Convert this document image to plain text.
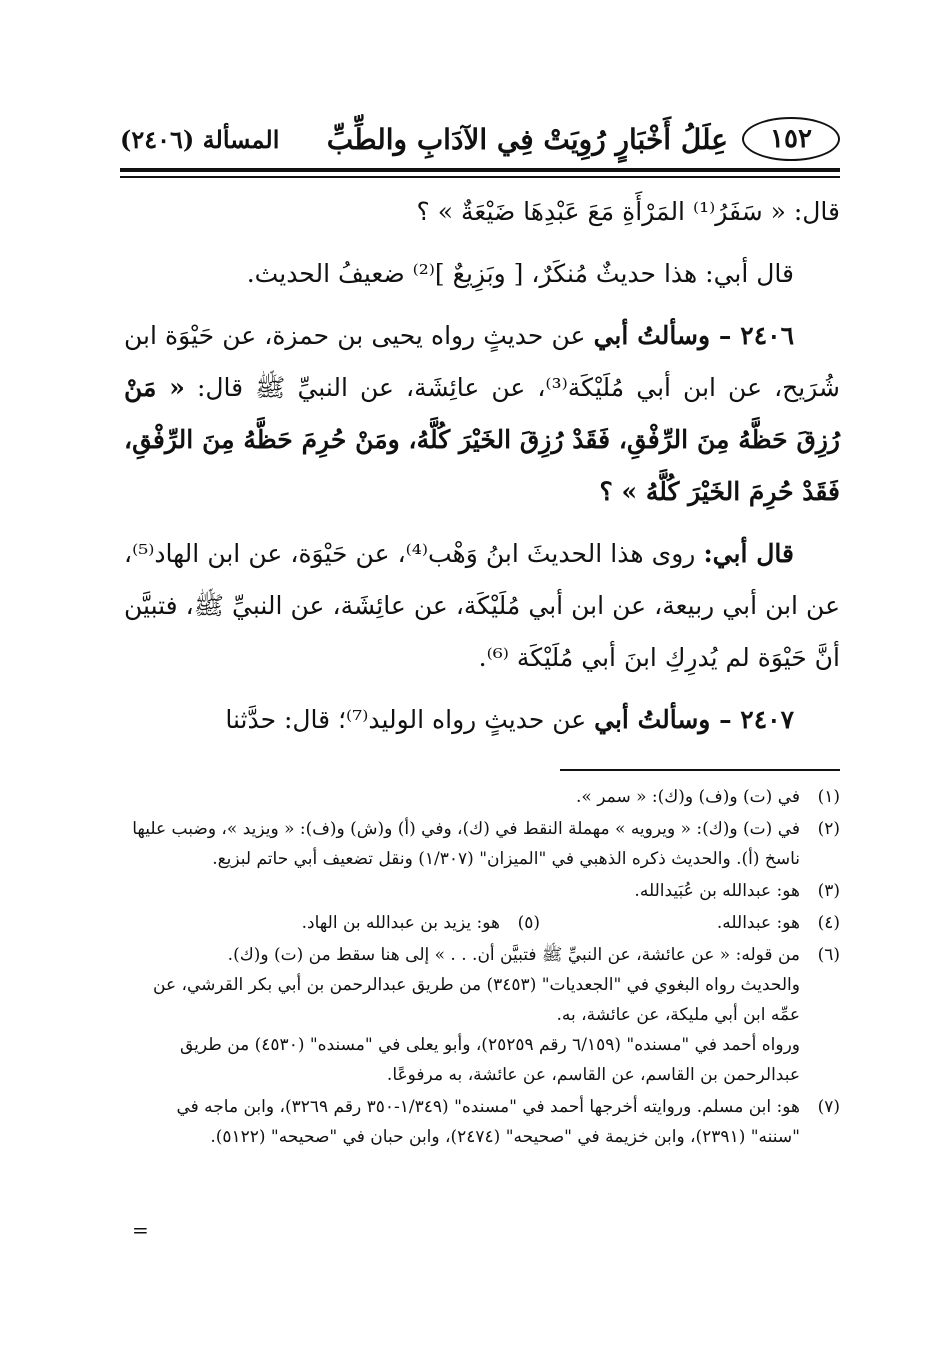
١٥٢
عِلَلُ أَخْبَارٍ رُوِيَتْ فِي الآدَابِ والطِّبِّ
المسألة (٢٤٠٦)

قال: « سَفَرُ⁽¹⁾ المَرْأَةِ مَعَ عَبْدِهَا ضَيْعَةٌ » ؟

قال أبي: هذا حديثٌ مُنكَرٌ، [ وبَزِيعٌ ]⁽²⁾ ضعيفُ الحديث.

٢٤٠٦ – وسألتُ أبي عن حديثٍ رواه يحيى بن حمزة، عن حَيْوَة ابن شُرَيح، عن ابن أبي مُلَيْكَة⁽³⁾، عن عائِشَة، عن النبيِّ ﷺ قال: « مَنْ رُزِقَ حَظَّهُ مِنَ الرِّفْقِ، فَقَدْ رُزِقَ الخَيْرَ كُلَّهُ، ومَنْ حُرِمَ حَظَّهُ مِنَ الرِّفْقِ، فَقَدْ حُرِمَ الخَيْرَ كُلَّهُ » ؟

قال أبي: روى هذا الحديثَ ابنُ وَهْب⁽⁴⁾، عن حَيْوَة، عن ابن الهاد⁽⁵⁾، عن ابن أبي ربيعة، عن ابن أبي مُلَيْكَة، عن عائِشَة، عن النبيِّ ﷺ، فتبيَّن أنَّ حَيْوَة لم يُدرِكِ ابنَ أبي مُلَيْكَة ⁽⁶⁾.

٢٤٠٧ – وسألتُ أبي عن حديثٍ رواه الوليد⁽⁷⁾؛ قال: حدَّثنا

(١)

في (ت) و(ف) و(ك): « سمر ».

(٢)

في (ت) و(ك): « ويرويه » مهملة النقط في (ك)، وفي (أ) و(ش) و(ف): « ويزيد »، وضبب عليها ناسخ (أ). والحديث ذكره الذهبي في "الميزان" (١/٣٠٧) ونقل تضعيف أبي حاتم لبزيع.

(٣)

هو: عبدالله بن عُبَيدالله.

(٤)
هو: عبدالله.
(٥)
هو: يزيد بن عبدالله بن الهاد.
(٦)

من قوله: « عن عائشة، عن النبيِّ ﷺ فتبيَّن أن. . . » إلى هنا سقط من (ت) و(ك).

والحديث رواه البغوي في "الجعديات" (٣٤٥٣) من طريق عبدالرحمن بن أبي بكر القرشي، عن عمِّه ابن أبي مليكة، عن عائشة، به.

ورواه أحمد في "مسنده" (٦/١٥٩ رقم ٢٥٢٥٩)، وأبو يعلى في "مسنده" (٤٥٣٠) من طريق عبدالرحمن بن القاسم، عن القاسم، عن عائشة، به مرفوعًا.

(٧)

هو: ابن مسلم. وروايته أخرجها أحمد في "مسنده" (١/٣٤٩-٣٥٠ رقم ٣٢٦٩)، وابن ماجه في "سننه" (٢٣٩١)، وابن خزيمة في "صحيحه" (٢٤٧٤)، وابن حبان في "صحيحه" (٥١٢٢).

=
